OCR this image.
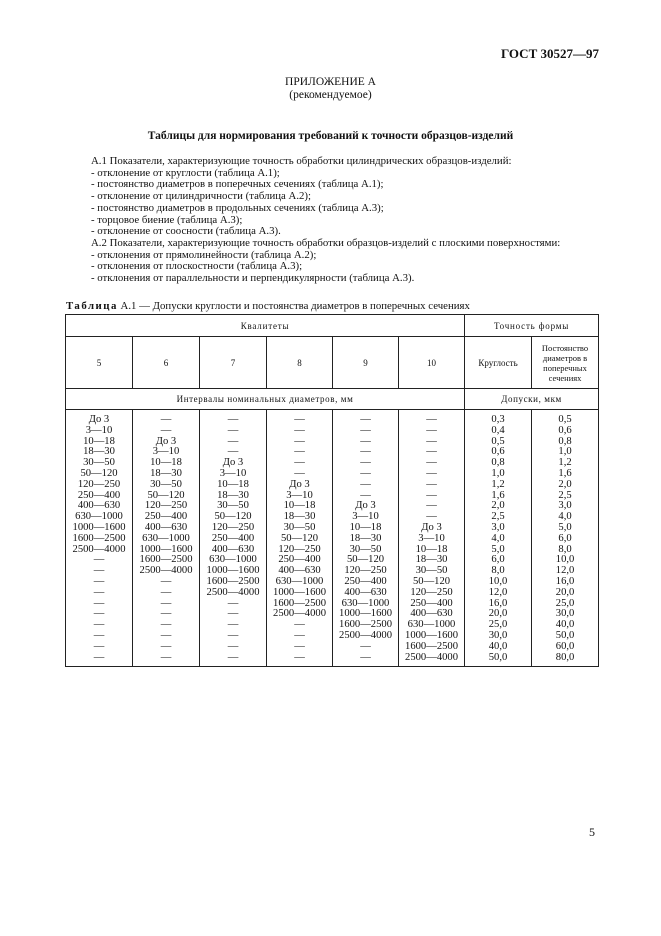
ГОСТ 30527—97
ПРИЛОЖЕНИЕ А
(рекомендуемое)
Таблицы для нормирования требований к точности образцов-изделий
А.1 Показатели, характеризующие точность обработки цилиндрических образцов-изделий:
- отклонение от круглости (таблица А.1);
- постоянство диаметров в поперечных сечениях (таблица А.1);
- отклонение от цилиндричности (таблица А.2);
- постоянство диаметров в продольных сечениях (таблица А.3);
- торцовое биение (таблица А.3);
- отклонение от соосности (таблица А.3).
А.2 Показатели, характеризующие точность обработки образцов-изделий с плоскими поверхностями:
- отклонения от прямолинейности (таблица А.2);
- отклонения от плоскостности (таблица А.3);
- отклонения от параллельности и перпендикулярности (таблица А.3).
Таблица А.1 — Допуски круглости и постоянства диаметров в поперечных сечениях
Квалитеты						Точность формы	
5	6	7	8	9	10	Круглость	Постоянство диаметров в поперечных сечениях
Интервалы номинальных диаметров, мм						Допуски, мкм	
До 3	—	—	—	—	—	0,3	0,5
3—10	—	—	—	—	—	0,4	0,6
10—18	До 3	—	—	—	—	0,5	0,8
18—30	3—10	—	—	—	—	0,6	1,0
30—50	10—18	До 3	—	—	—	0,8	1,2
50—120	18—30	3—10	—	—	—	1,0	1,6
120—250	30—50	10—18	До 3	—	—	1,2	2,0
250—400	50—120	18—30	3—10	—	—	1,6	2,5
400—630	120—250	30—50	10—18	До 3	—	2,0	3,0
630—1000	250—400	50—120	18—30	3—10	—	2,5	4,0
1000—1600	400—630	120—250	30—50	10—18	До 3	3,0	5,0
1600—2500	630—1000	250—400	50—120	18—30	3—10	4,0	6,0
2500—4000	1000—1600	400—630	120—250	30—50	10—18	5,0	8,0
—	1600—2500	630—1000	250—400	50—120	18—30	6,0	10,0
—	2500—4000	1000—1600	400—630	120—250	30—50	8,0	12,0
—	—	1600—2500	630—1000	250—400	50—120	10,0	16,0
—	—	2500—4000	1000—1600	400—630	120—250	12,0	20,0
—	—	—	1600—2500	630—1000	250—400	16,0	25,0
—	—	—	2500—4000	1000—1600	400—630	20,0	30,0
—	—	—	—	1600—2500	630—1000	25,0	40,0
—	—	—	—	2500—4000	1000—1600	30,0	50,0
—	—	—	—	—	1600—2500	40,0	60,0
—	—	—	—	—	2500—4000	50,0	80,0
5
